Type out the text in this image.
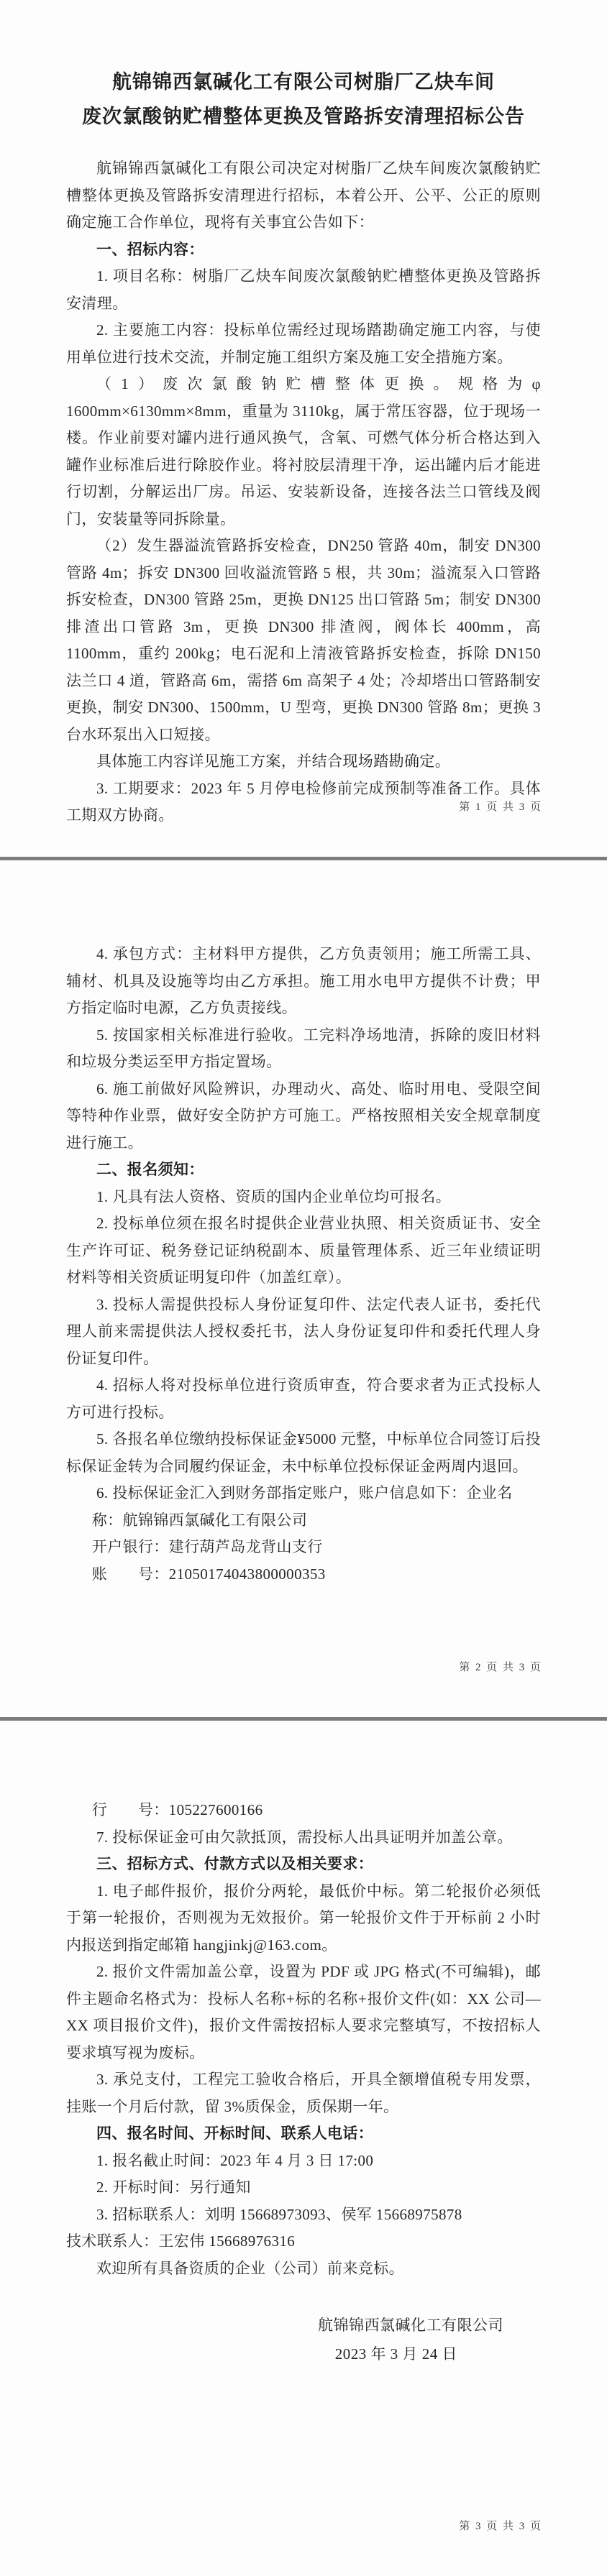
航锦锦西氯碱化工有限公司树脂厂乙炔车间
废次氯酸钠贮槽整体更换及管路拆安清理招标公告

航锦锦西氯碱化工有限公司决定对树脂厂乙炔车间废次氯酸钠贮槽整体更换及管路拆安清理进行招标，本着公开、公平、公正的原则确定施工合作单位，现将有关事宜公告如下：

一、招标内容：

1. 项目名称：树脂厂乙炔车间废次氯酸钠贮槽整体更换及管路拆安清理。

2. 主要施工内容：投标单位需经过现场踏勘确定施工内容，与使用单位进行技术交流，并制定施工组织方案及施工安全措施方案。

（1）废次氯酸钠贮槽整体更换。规格为φ 1600mm×6130mm×8mm，重量为 3110kg，属于常压容器，位于现场一楼。作业前要对罐内进行通风换气，含氧、可燃气体分析合格达到入罐作业标准后进行除胶作业。将衬胶层清理干净，运出罐内后才能进行切割，分解运出厂房。吊运、安装新设备，连接各法兰口管线及阀门，安装量等同拆除量。

（2）发生器溢流管路拆安检查，DN250 管路 40m，制安 DN300 管路 4m；拆安 DN300 回收溢流管路 5 根，共 30m；溢流泵入口管路拆安检查，DN300 管路 25m，更换 DN125 出口管路 5m；制安 DN300 排渣出口管路 3m，更换 DN300 排渣阀，阀体长 400mm，高 1100mm，重约 200kg；电石泥和上清液管路拆安检查，拆除 DN150 法兰口 4 道，管路高 6m，需搭 6m 高架子 4 处；冷却塔出口管路制安更换，制安 DN300、1500mm，U 型弯，更换 DN300 管路 8m；更换 3 台水环泵出入口短接。

具体施工内容详见施工方案，并结合现场踏勘确定。

3. 工期要求：2023 年 5 月停电检修前完成预制等准备工作。具体工期双方协商。	第 1 页 共 3 页

4. 承包方式：主材料甲方提供，乙方负责领用；施工所需工具、辅材、机具及设施等均由乙方承担。施工用水电甲方提供不计费；甲方指定临时电源，乙方负责接线。

5. 按国家相关标准进行验收。工完料净场地清，拆除的废旧材料和垃圾分类运至甲方指定置场。

6. 施工前做好风险辨识，办理动火、高处、临时用电、受限空间等特种作业票，做好安全防护方可施工。严格按照相关安全规章制度进行施工。

二、报名须知：

1. 凡具有法人资格、资质的国内企业单位均可报名。

2. 投标单位须在报名时提供企业营业执照、相关资质证书、安全生产许可证、税务登记证纳税副本、质量管理体系、近三年业绩证明材料等相关资质证明复印件（加盖红章）。

3. 投标人需提供投标人身份证复印件、法定代表人证书，委托代理人前来需提供法人授权委托书，法人身份证复印件和委托代理人身份证复印件。

4. 招标人将对投标单位进行资质审查，符合要求者为正式投标人方可进行投标。

5. 各报名单位缴纳投标保证金¥5000 元整，中标单位合同签订后投标保证金转为合同履约保证金，未中标单位投标保证金两周内退回。

6. 投标保证金汇入到财务部指定账户，账户信息如下：企业名

称：航锦锦西氯碱化工有限公司

开户银行：建行葫芦岛龙背山支行

账　　号：21050174043800000353

第 2 页 共 3 页

行　　号：105227600166

7. 投标保证金可由欠款抵顶，需投标人出具证明并加盖公章。

三、招标方式、付款方式以及相关要求：

1. 电子邮件报价，报价分两轮，最低价中标。第二轮报价必须低于第一轮报价，否则视为无效报价。第一轮报价文件于开标前 2 小时内报送到指定邮箱 hangjinkj@163.com。

2. 报价文件需加盖公章，设置为 PDF 或 JPG 格式(不可编辑)，邮件主题命名格式为：投标人名称+标的名称+报价文件(如：XX 公司—XX 项目报价文件)，报价文件需按招标人要求完整填写，不按招标人要求填写视为废标。

3. 承兑支付，工程完工验收合格后，开具全额增值税专用发票，挂账一个月后付款，留 3%质保金，质保期一年。

四、报名时间、开标时间、联系人电话：

1. 报名截止时间：2023 年 4 月 3 日 17:00

2. 开标时间：另行通知

3. 招标联系人：刘明 15668973093、侯军 15668975878

技术联系人：王宏伟 15668976316

欢迎所有具备资质的企业（公司）前来竞标。

航锦锦西氯碱化工有限公司
2023 年 3 月 24 日
第 3 页 共 3 页
